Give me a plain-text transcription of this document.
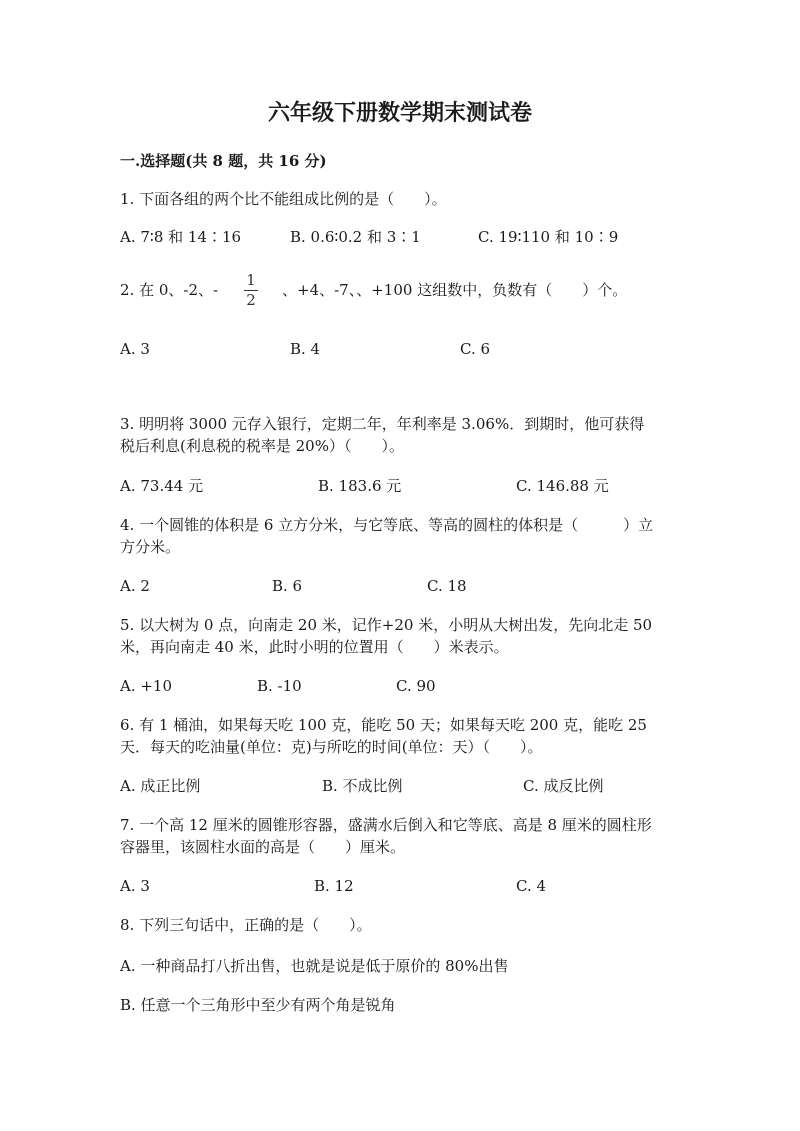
六年级下册数学期末测试卷
一.选择题(共 8 题，共 16 分)
1. 下面各组的两个比不能组成比例的是（　　）。
A. 7∶8 和 14∶16	B. 0.6∶0.2 和 3∶1	C. 19∶110 和 10∶9
2. 在 0、-2、-
1
2
、+4、-7、、+100 这组数中，负数有（　　）个。
A. 3	B. 4	C. 6
3. 明明将 3000 元存入银行，定期二年，年利率是 3.06%．到期时，他可获得
税后利息(利息税的税率是 20%）（　　）。
A. 73.44 元	B. 183.6 元	C. 146.88 元
4. 一个圆锥的体积是 6 立方分米，与它等底、等高的圆柱的体积是（　　　）立
方分米。
A. 2	B. 6	C. 18
5. 以大树为 0 点，向南走 20 米，记作+20 米，小明从大树出发，先向北走 50
米，再向南走 40 米，此时小明的位置用（　　）米表示。
A. +10	B. -10	C. 90
6. 有 1 桶油，如果每天吃 100 克，能吃 50 天；如果每天吃 200 克，能吃 25
天．每天的吃油量(单位：克)与所吃的时间(单位：天）（　　）。
A. 成正比例	B. 不成比例	C. 成反比例
7. 一个高 12 厘米的圆锥形容器，盛满水后倒入和它等底、高是 8 厘米的圆柱形
容器里，该圆柱水面的高是（　　）厘米。
A. 3	B. 12	C. 4
8. 下列三句话中，正确的是（　　）。
A. 一种商品打八折出售，也就是说是低于原价的 80%出售
B. 任意一个三角形中至少有两个角是锐角
